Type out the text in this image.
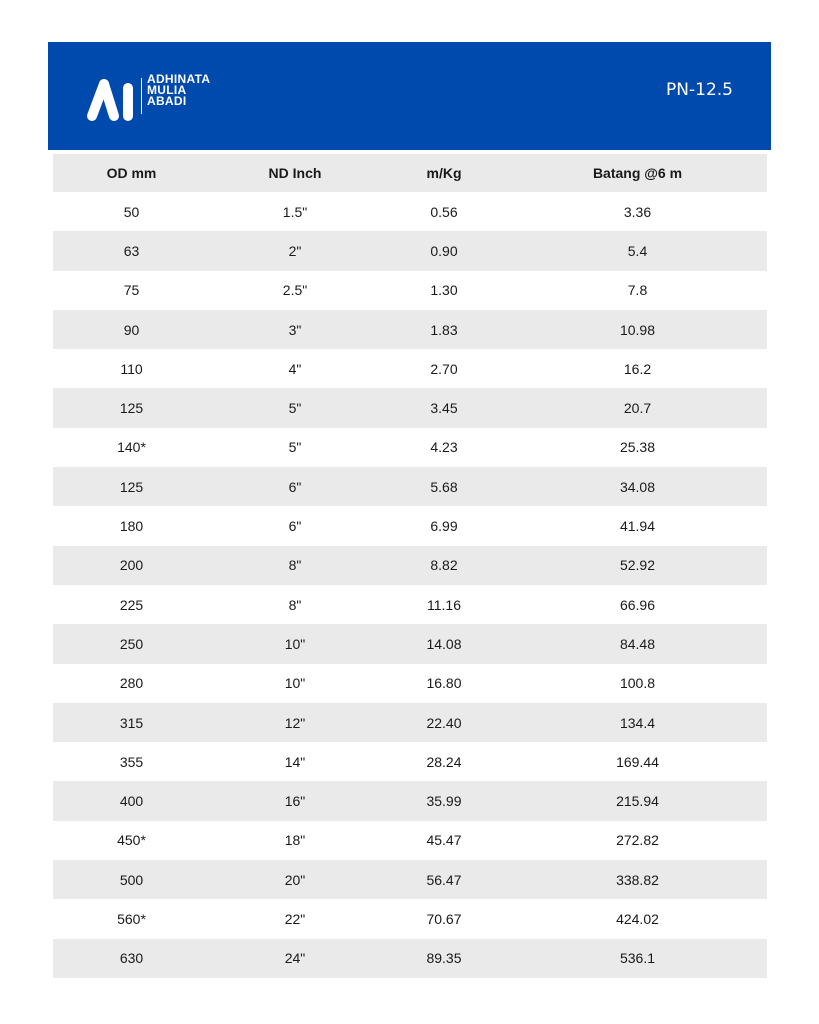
ADHINATA
MULIA
ABADI
PN-12.5
OD mm	ND Inch	m/Kg	Batang @6 m
50	1.5"	0.56	3.36
63	2"	0.90	5.4
75	2.5"	1.30	7.8
90	3"	1.83	10.98
110	4"	2.70	16.2
125	5"	3.45	20.7
140*	5"	4.23	25.38
125	6"	5.68	34.08
180	6"	6.99	41.94
200	8"	8.82	52.92
225	8"	11.16	66.96
250	10"	14.08	84.48
280	10"	16.80	100.8
315	12"	22.40	134.4
355	14"	28.24	169.44
400	16"	35.99	215.94
450*	18"	45.47	272.82
500	20"	56.47	338.82
560*	22"	70.67	424.02
630	24"	89.35	536.1
